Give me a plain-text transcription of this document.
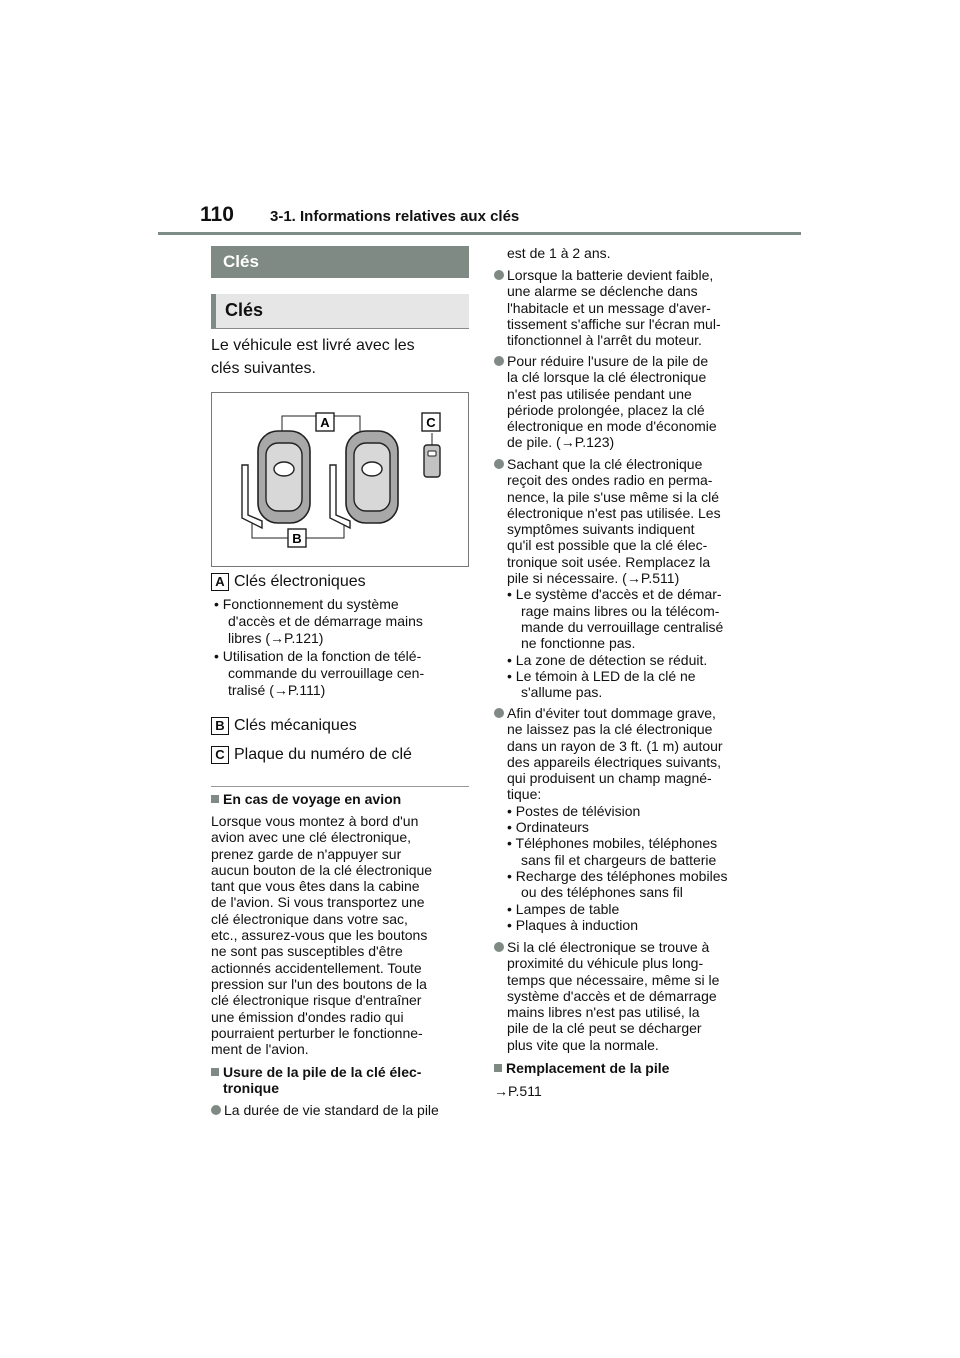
110 3-1. Informations relatives aux clés
Clés
Clés
Le véhicule est livré avec les
clés suivantes.
A	C
B
A Clés électroniques
• Fonctionnement du système
d'accès et de démarrage mains
libres (→P.121)
• Utilisation de la fonction de télé-
commande du verrouillage cen-
tralisé (→P.111)
B Clés mécaniques
C Plaque du numéro de clé
En cas de voyage en avion
Lorsque vous montez à bord d'un
avion avec une clé électronique,
prenez garde de n'appuyer sur
aucun bouton de la clé électronique
tant que vous êtes dans la cabine
de l'avion. Si vous transportez une
clé électronique dans votre sac,
etc., assurez-vous que les boutons
ne sont pas susceptibles d'être
actionnés accidentellement. Toute
pression sur l'un des boutons de la
clé électronique risque d'entraîner
une émission d'ondes radio qui
pourraient perturber le fonctionne-
ment de l'avion.
Usure de la pile de la clé élec-
tronique
La durée de vie standard de la pile
est de 1 à 2 ans.
Lorsque la batterie devient faible,
une alarme se déclenche dans
l'habitacle et un message d'aver-
tissement s'affiche sur l'écran mul-
tifonctionnel à l'arrêt du moteur.
Pour réduire l'usure de la pile de
la clé lorsque la clé électronique
n'est pas utilisée pendant une
période prolongée, placez la clé
électronique en mode d'économie
de pile. (→P.123)
Sachant que la clé électronique
reçoit des ondes radio en perma-
nence, la pile s'use même si la clé
électronique n'est pas utilisée. Les
symptômes suivants indiquent
qu'il est possible que la clé élec-
tronique soit usée. Remplacez la
pile si nécessaire. (→P.511)
• Le système d'accès et de démar-
rage mains libres ou la télécom-
mande du verrouillage centralisé
ne fonctionne pas.
• La zone de détection se réduit.
• Le témoin à LED de la clé ne
s'allume pas.
Afin d'éviter tout dommage grave,
ne laissez pas la clé électronique
dans un rayon de 3 ft. (1 m) autour
des appareils électriques suivants,
qui produisent un champ magné-
tique:
• Postes de télévision
• Ordinateurs
• Téléphones mobiles, téléphones
sans fil et chargeurs de batterie
• Recharge des téléphones mobiles
ou des téléphones sans fil
• Lampes de table
• Plaques à induction
Si la clé électronique se trouve à
proximité du véhicule plus long-
temps que nécessaire, même si le
système d'accès et de démarrage
mains libres n'est pas utilisé, la
pile de la clé peut se décharger
plus vite que la normale.
Remplacement de la pile
→P.511
